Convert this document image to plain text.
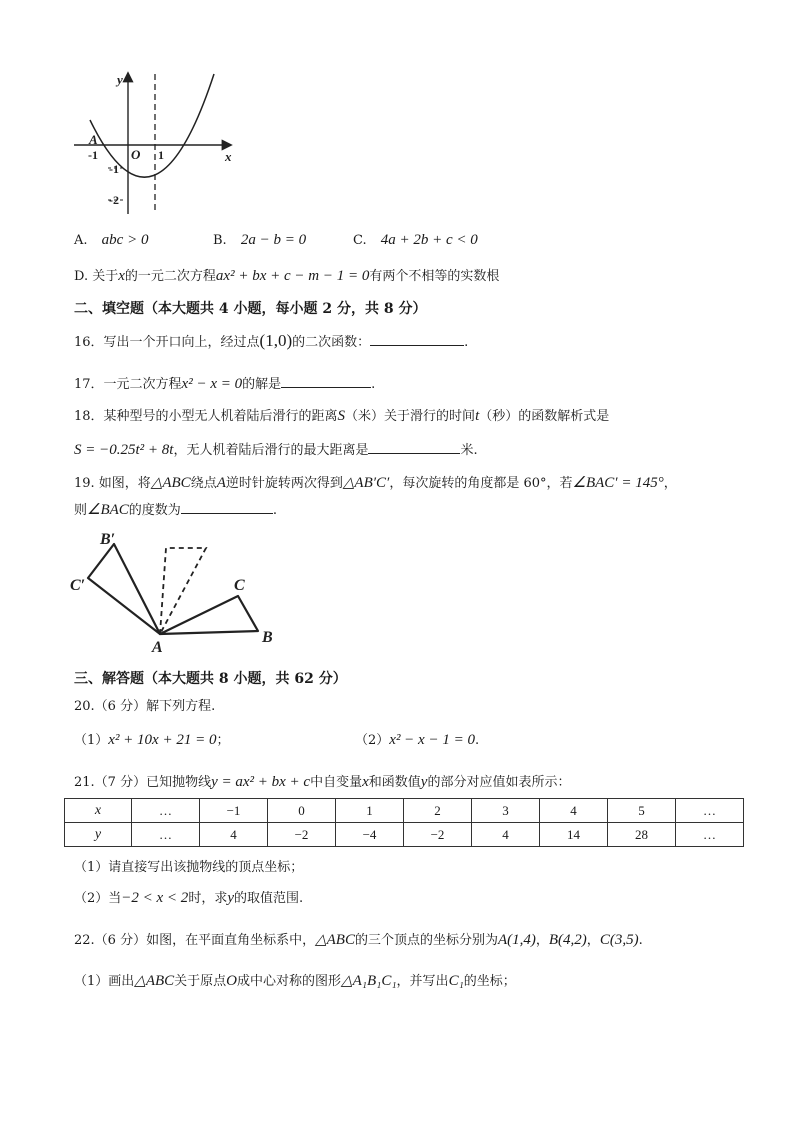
y
x
O
A
-1	1
-1
-2
A. abc > 0	B. 2a − b = 0	C. 4a + 2b + c < 0
D. 关于x的一元二次方程ax² + bx + c − m − 1 = 0有两个不相等的实数根
二、填空题（本大题共 4 小题，每小题 2 分，共 8 分）
16．写出一个开口向上，经过点(1,0)的二次函数：	.
17．一元二次方程x² − x = 0的解是	.
18．某种型号的小型无人机着陆后滑行的距离S（米）关于滑行的时间t（秒）的函数解析式是
S = −0.25t² + 8t，无人机着陆后滑行的最大距离是	米.
19. 如图，将△ABC绕点A逆时针旋转两次得到△AB′C′，每次旋转的角度都是 60°，若∠BAC′ = 145°，
则∠BAC的度数为	.
B′
C′
A
B
C
三、解答题（本大题共 8 小题，共 62 分）
20.（6 分）解下列方程.
（1）x² + 10x + 21 = 0；	（2）x² − x − 1 = 0.
21.（7 分）已知抛物线y = ax² + bx + c中自变量x和函数值y的部分对应值如表所示：
x	…	−1	0	1	2	3	4	5	…
y	…	4	−2	−4	−2	4	14	28	…
（1）请直接写出该抛物线的顶点坐标；
（2）当−2 < x < 2时，求y的取值范围.
22.（6 分）如图，在平面直角坐标系中，△ABC的三个顶点的坐标分别为A(1,4)，B(4,2)，C(3,5).
（1）画出△ABC关于原点O成中心对称的图形△A₁B₁C₁，并写出C₁的坐标；
